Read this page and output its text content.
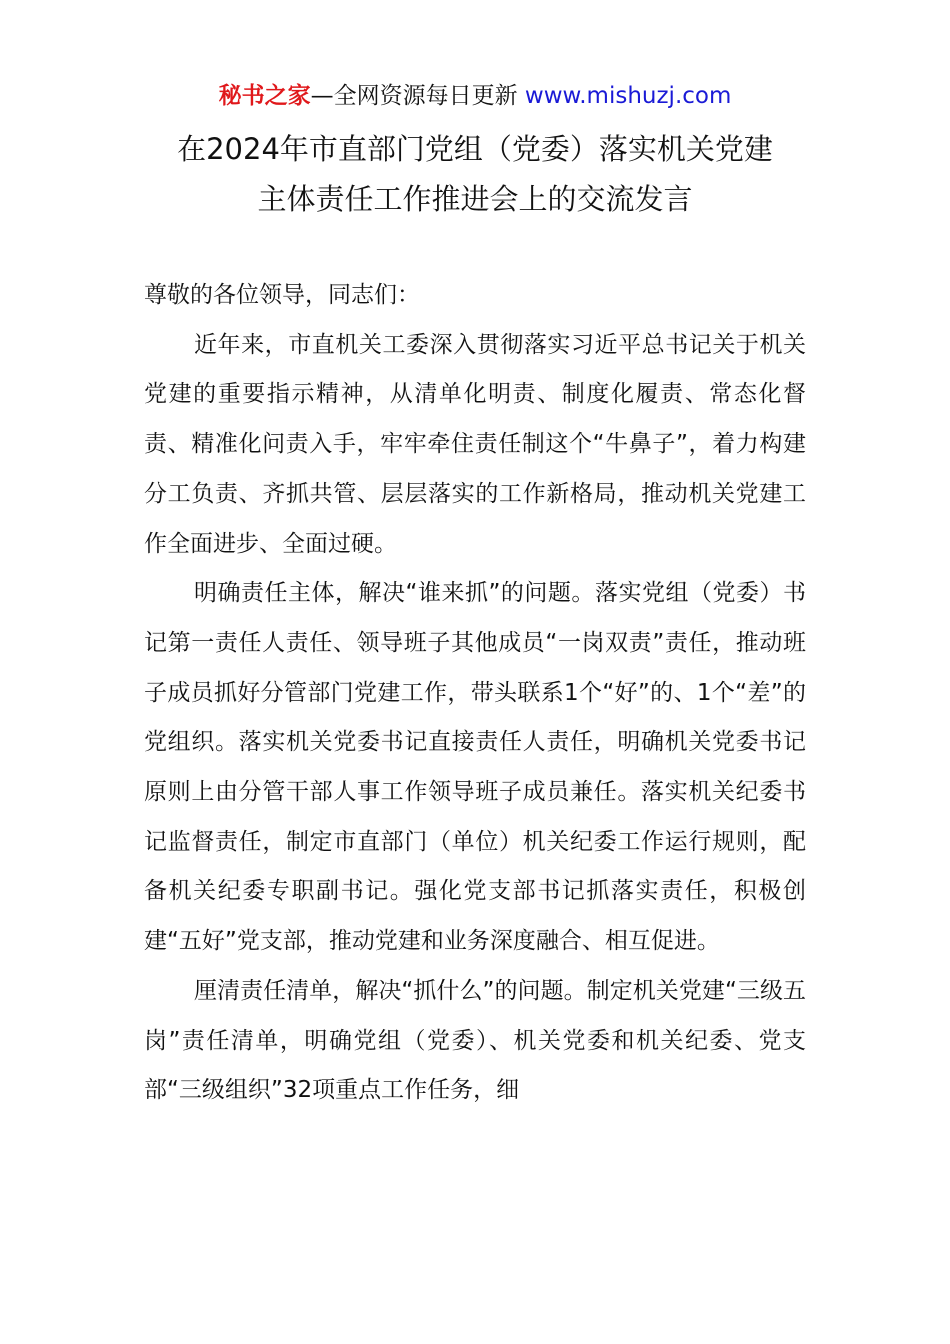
秘书之家—全网资源每日更新 www.mishuzj.com
在2024年市直部门党组（党委）落实机关党建
主体责任工作推进会上的交流发言

尊敬的各位领导，同志们：

近年来，市直机关工委深入贯彻落实习近平总书记关于机关党建的重要指示精神，从清单化明责、制度化履责、常态化督责、精准化问责入手，牢牢牵住责任制这个“牛鼻子”，着力构建分工负责、齐抓共管、层层落实的工作新格局，推动机关党建工作全面进步、全面过硬。

明确责任主体，解决“谁来抓”的问题。落实党组（党委）书记第一责任人责任、领导班子其他成员“一岗双责”责任，推动班子成员抓好分管部门党建工作，带头联系1个“好”的、1个“差”的党组织。落实机关党委书记直接责任人责任，明确机关党委书记原则上由分管干部人事工作领导班子成员兼任。落实机关纪委书记监督责任，制定市直部门（单位）机关纪委工作运行规则，配备机关纪委专职副书记。强化党支部书记抓落实责任，积极创建“五好”党支部，推动党建和业务深度融合、相互促进。

厘清责任清单，解决“抓什么”的问题。制定机关党建“三级五岗”责任清单，明确党组（党委）、机关党委和机关纪委、党支部“三级组织”32项重点工作任务，细
